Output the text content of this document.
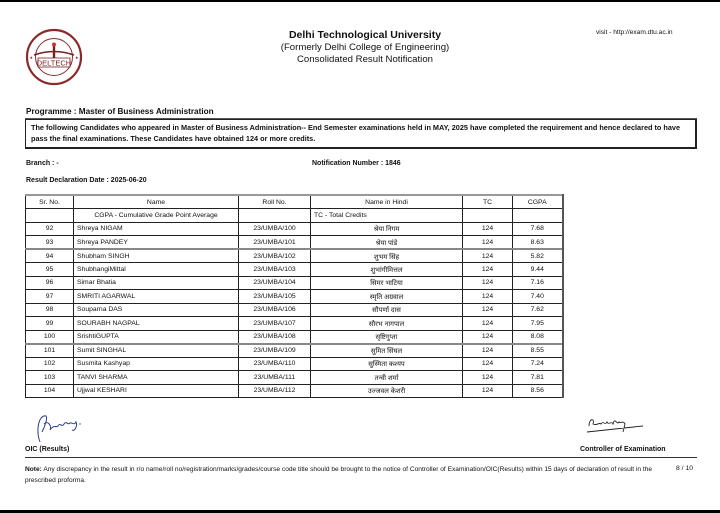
DELTECH
★	★
Delhi Technological University
(Formerly Delhi College of Engineering)
Consolidated Result Notification
visit - http://exam.dtu.ac.in
Programme : Master of Business Administration
The following Candidates who appeared in Master of Business Administration-- End Semester examinations held in MAY, 2025 have completed the requirement and hence declared to have pass the final examinations. These Candidates have obtained 124 or more credits.
Branch : -	Notification Number : 1846
Result Declaration Date : 2025-06-20
Sr. No.	Name	Roll No.	Name in Hindi	TC	CGPA
	CGPA - Cumulative Grade Point Average		TC - Total Credits		
92	Shreya NIGAM	23/UMBA/100	श्रेया निगम	124	7.68
93	Shreya PANDEY	23/UMBA/101	श्रेया पांडे	124	8.63
94	Shubham SINGH	23/UMBA/102	शुभम सिंह	124	5.82
95	ShubhangiMittal	23/UMBA/103	शुभांगीमित्तल	124	9.44
96	Simar Bhatia	23/UMBA/104	सिमर भाटिया	124	7.16
97	SMRITI AGARWAL	23/UMBA/105	स्मृति अग्रवाल	124	7.40
98	Souparna DAS	23/UMBA/106	सौपर्णा दास	124	7.62
99	SOURABH NAGPAL	23/UMBA/107	सौरभ नागपाल	124	7.95
100	SrishtiGUPTA	23/UMBA/108	सृष्टिगुप्ता	124	8.08
101	Sumit SINGHAL	23/UMBA/109	सुमित सिंघल	124	8.55
102	Susmita Kashyap	23/UMBA/110	सुस्मिता कश्यप	124	7.24
103	TANVI SHARMA	23/UMBA/111	तन्वी शर्मा	124	7.81
104	Ujjwal KESHARI	23/UMBA/112	उज्जवल केशरी	124	8.56
OIC (Results)	Controller of Examination
Note: Any discrepancy in the result in r/o name/roll no/registration/marks/grades/course code title should be brought to the notice of Controller of Examination/OIC(Results) within 15 days of declaration of result in the prescribed proforma.
8 / 10
